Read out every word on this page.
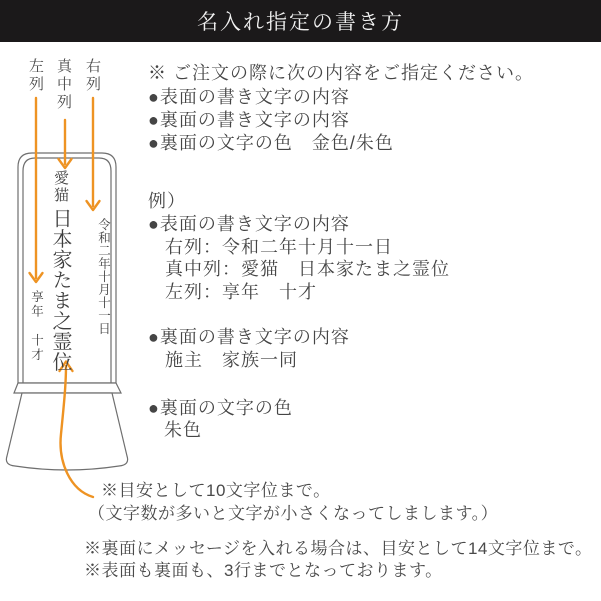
名入れ指定の書き方
左列 真中列 右列
愛猫
日本家たま之霊位 令和二年十月十一日
享年　十才
※ ご注文の際に次の内容をご指定ください。
●表面の書き文字の内容
●裏面の書き文字の内容
●裏面の文字の色　金色/朱色
例）
●表面の書き文字の内容
右列：令和二年十月十一日
真中列：愛猫　日本家たま之霊位
左列：享年　十才
●裏面の書き文字の内容
施主　家族一同
●裏面の文字の色
朱色
※目安として10文字位まで。
（文字数が多いと文字が小さくなってしまします。）
※裏面にメッセージを入れる場合は、目安として14文字位まで。
※表面も裏面も、3行までとなっております。
